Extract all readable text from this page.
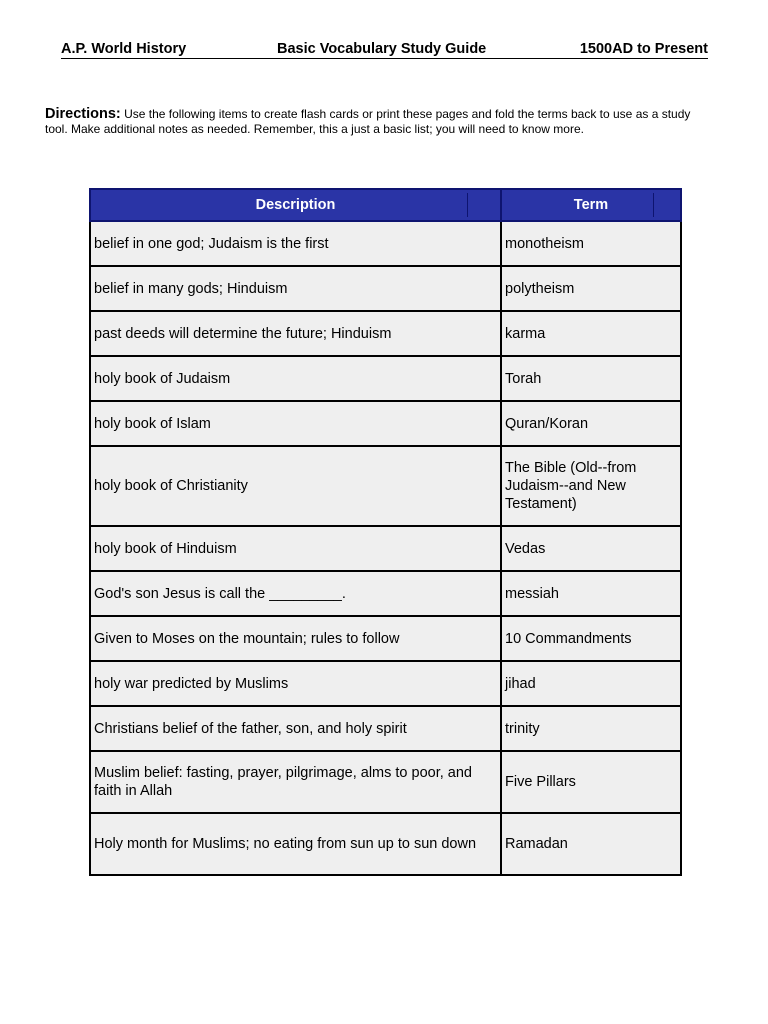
A.P. World History	Basic Vocabulary Study Guide	1500AD to Present
Directions: Use the following items to create flash cards or print these pages and fold the terms back to use as a study tool. Make additional notes as needed. Remember, this a just a basic list; you will need to know more.
Description	Term

belief in one god; Judaism is the first	monotheism
belief in many gods; Hinduism	polytheism
past deeds will determine the future; Hinduism	karma
holy book of Judaism	Torah
holy book of Islam	Quran/Koran
holy book of Christianity	The Bible (Old--from Judaism--and New Testament)
holy book of Hinduism	Vedas
God's son Jesus is call the _________.	messiah
Given to Moses on the mountain; rules to follow	10 Commandments
holy war predicted by Muslims	jihad
Christians belief of the father, son, and holy spirit	trinity
Muslim belief: fasting, prayer, pilgrimage, alms to poor, and faith in Allah	Five Pillars
Holy month for Muslims; no eating from sun up to sun down	Ramadan
